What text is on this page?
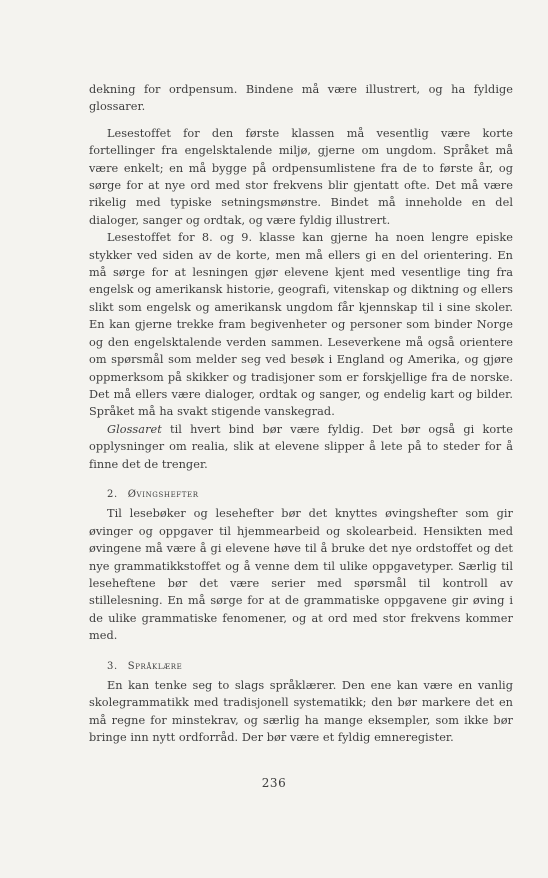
dekning for ordpensum. Bindene må være illustrert, og ha fyldige glossarer.

Lesestoffet for den første klassen må vesentlig være korte fortellinger fra engelsktalende miljø, gjerne om ungdom. Språket må være enkelt; en må bygge på ordpensumlistene fra de to første år, og sørge for at nye ord med stor frekvens blir gjentatt ofte. Det må være rikelig med typiske setningsmønstre. Bindet må inneholde en del dialoger, sanger og ordtak, og være fyldig illustrert.

Lesestoffet for 8. og 9. klasse kan gjerne ha noen lengre episke stykker ved siden av de korte, men må ellers gi en del orientering. En må sørge for at lesningen gjør elevene kjent med vesentlige ting fra engelsk og amerikansk historie, geografi, vitenskap og diktning og ellers slikt som engelsk og amerikansk ungdom får kjennskap til i sine skoler. En kan gjerne trekke fram begivenheter og personer som binder Norge og den engelsktalende verden sammen. Leseverkene må også orientere om spørsmål som melder seg ved besøk i England og Amerika, og gjøre oppmerksom på skikker og tradisjoner som er forskjellige fra de norske. Det må ellers være dialoger, ordtak og sanger, og endelig kart og bilder. Språket må ha svakt stigende vanskegrad.

Glossaret til hvert bind bør være fyldig. Det bør også gi korte opplysninger om realia, slik at elevene slipper å lete på to steder for å finne det de trenger.

2. Øvingshefter

Til lesebøker og lesehefter bør det knyttes øvingshefter som gir øvinger og oppgaver til hjemmearbeid og skolearbeid. Hensikten med øvingene må være å gi elevene høve til å bruke det nye ordstoffet og det nye grammatikkstoffet og å venne dem til ulike oppgavetyper. Særlig til leseheftene bør det være serier med spørsmål til kontroll av stillelesning. En må sørge for at de grammatiske oppgavene gir øving i de ulike grammatiske fenomener, og at ord med stor frekvens kommer med.

3. Språklære

En kan tenke seg to slags språklærer. Den ene kan være en vanlig skolegrammatikk med tradisjonell systematikk; den bør markere det en må regne for minstekrav, og særlig ha mange eksempler, som ikke bør bringe inn nytt ordforråd. Der bør være et fyldig emneregister.

236
